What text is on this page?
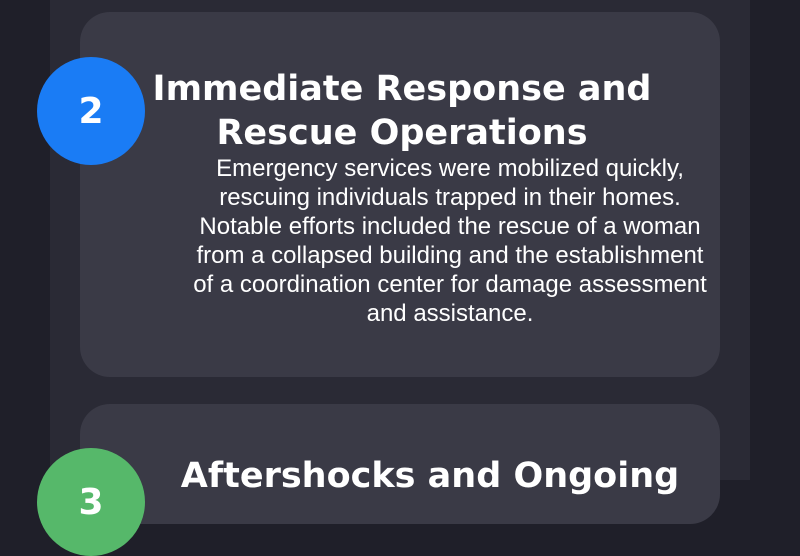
Immediate Response and Rescue Operations

Emergency services were mobilized quickly, rescuing individuals trapped in their homes. Notable efforts included the rescue of a woman from a collapsed building and the establishment of a coordination center for damage assessment and assistance.

Aftershocks and Ongoing
2
3
